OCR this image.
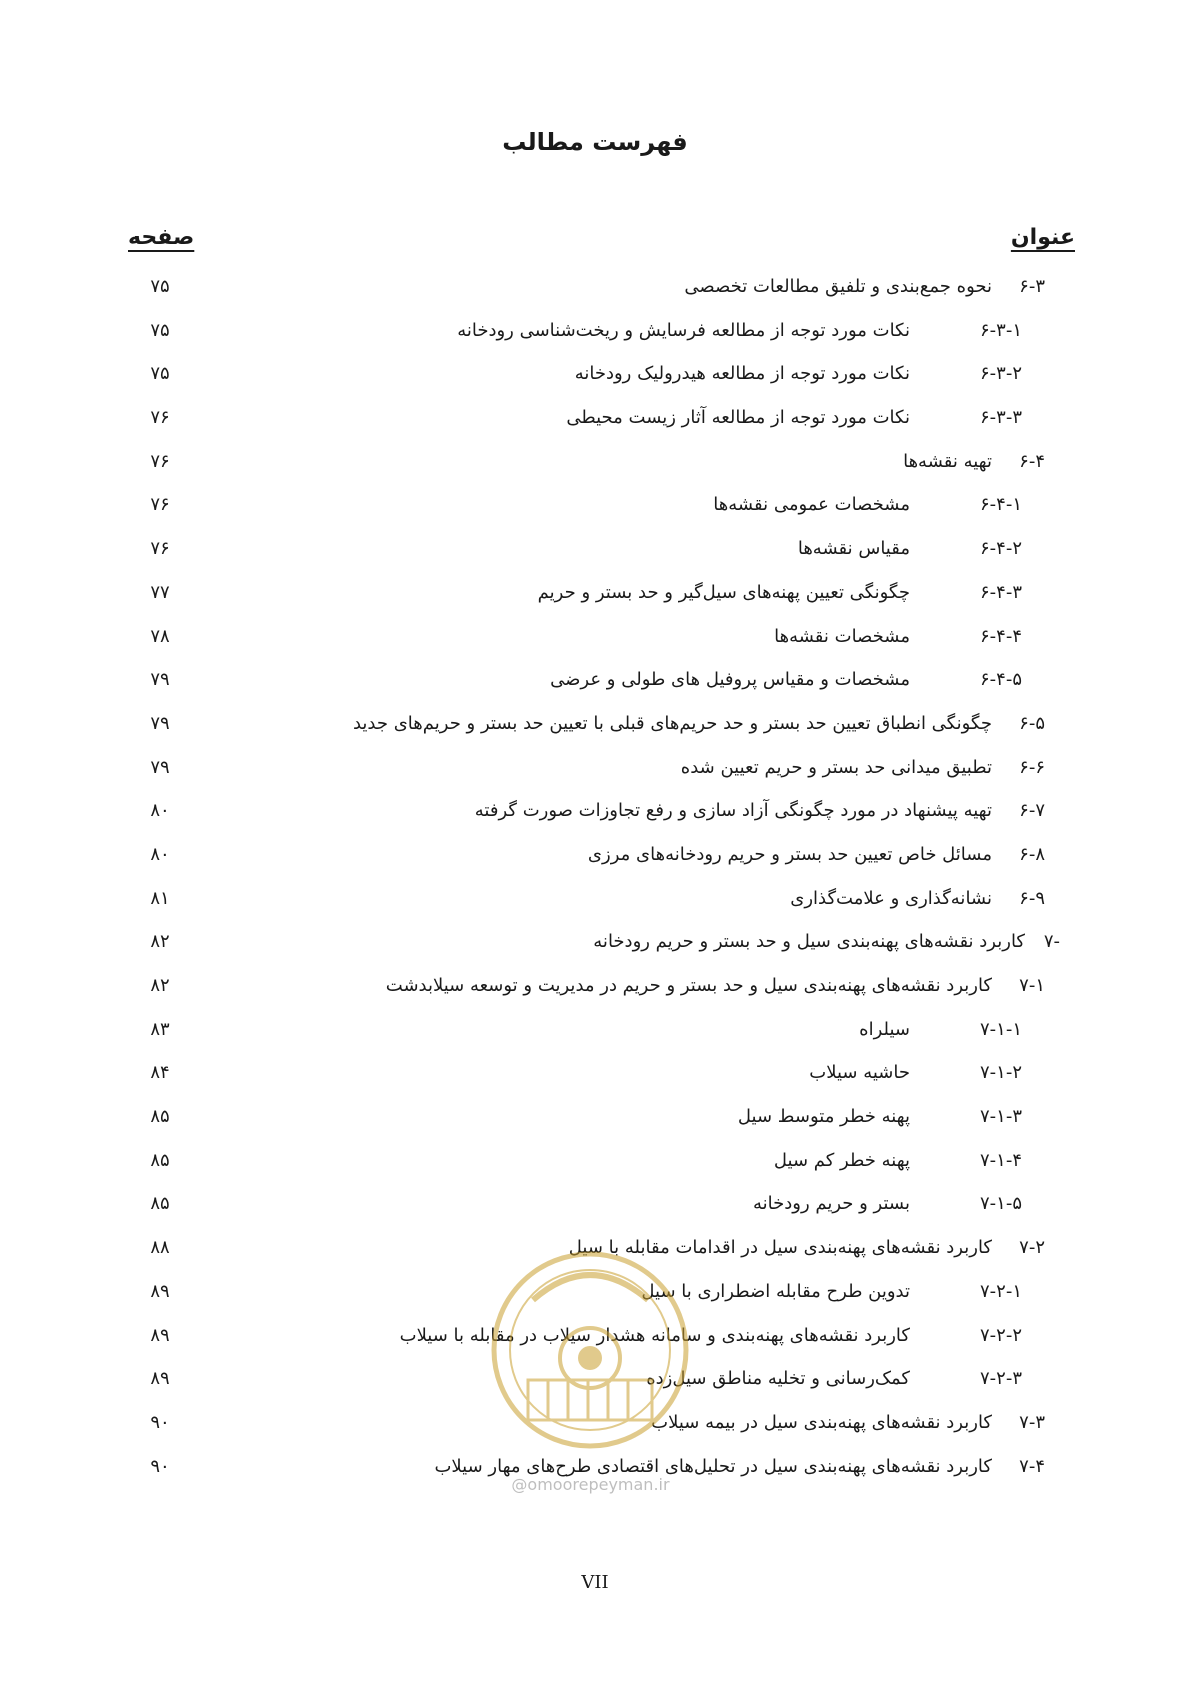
فهرست مطالب
عنوان
صفحه
۶-۳
نحوه جمع‌بندی و تلفیق مطالعات تخصصی
۷۵
۶-۳-۱
نکات مورد توجه از مطالعه فرسایش و ریخت‌شناسی رودخانه
۷۵
۶-۳-۲
نکات مورد توجه از مطالعه هیدرولیک رودخانه
۷۵
۶-۳-۳
نکات مورد توجه از مطالعه آثار زیست محیطی
۷۶
۶-۴
تهیه نقشه‌ها
۷۶
۶-۴-۱
مشخصات عمومی نقشه‌ها
۷۶
۶-۴-۲
مقیاس نقشه‌ها
۷۶
۶-۴-۳
چگونگی تعیین پهنه‌های سیل‌گیر و حد بستر و حریم
۷۷
۶-۴-۴
مشخصات نقشه‌ها
۷۸
۶-۴-۵
مشخصات و مقیاس پروفیل های طولی و عرضی
۷۹
۶-۵
چگونگی انطباق تعیین حد بستر و حد حریم‌های قبلی با تعیین حد بستر و حریم‌های جدید
۷۹
۶-۶
تطبیق میدانی حد بستر و حریم تعیین شده
۷۹
۶-۷
تهیه پیشنهاد در مورد چگونگی آزاد سازی و رفع تجاوزات صورت گرفته
۸۰
۶-۸
مسائل خاص تعیین حد بستر و حریم رودخانه‌های مرزی
۸۰
۶-۹
نشانه‌گذاری و علامت‌گذاری
۸۱
۷-
کاربرد نقشه‌های پهنه‌بندی سیل و حد بستر و حریم رودخانه
۸۲
۷-۱
کاربرد نقشه‌های پهنه‌بندی سیل و حد بستر و حریم در مدیریت و توسعه سیلابدشت
۸۲
۷-۱-۱
سیلراه
۸۳
۷-۱-۲
حاشیه سیلاب
۸۴
۷-۱-۳
پهنه خطر متوسط سیل
۸۵
۷-۱-۴
پهنه خطر کم سیل
۸۵
۷-۱-۵
بستر و حریم رودخانه
۸۵
۷-۲
کاربرد نقشه‌های پهنه‌بندی سیل در اقدامات مقابله با سیل
۸۸
۷-۲-۱
تدوین طرح مقابله اضطراری با سیل
۸۹
۷-۲-۲
کاربرد نقشه‌های پهنه‌بندی و سامانه هشدار سیلاب در مقابله با سیلاب
۸۹
۷-۲-۳
کمک‌رسانی و تخلیه مناطق سیل‌زده
۸۹
۷-۳
کاربرد نقشه‌های پهنه‌بندی سیل در بیمه سیلاب
۹۰
۷-۴
کاربرد نقشه‌های پهنه‌بندی سیل در تحلیل‌های اقتصادی طرح‌های مهار سیلاب
۹۰
@omoorepeyman.ir
VII
